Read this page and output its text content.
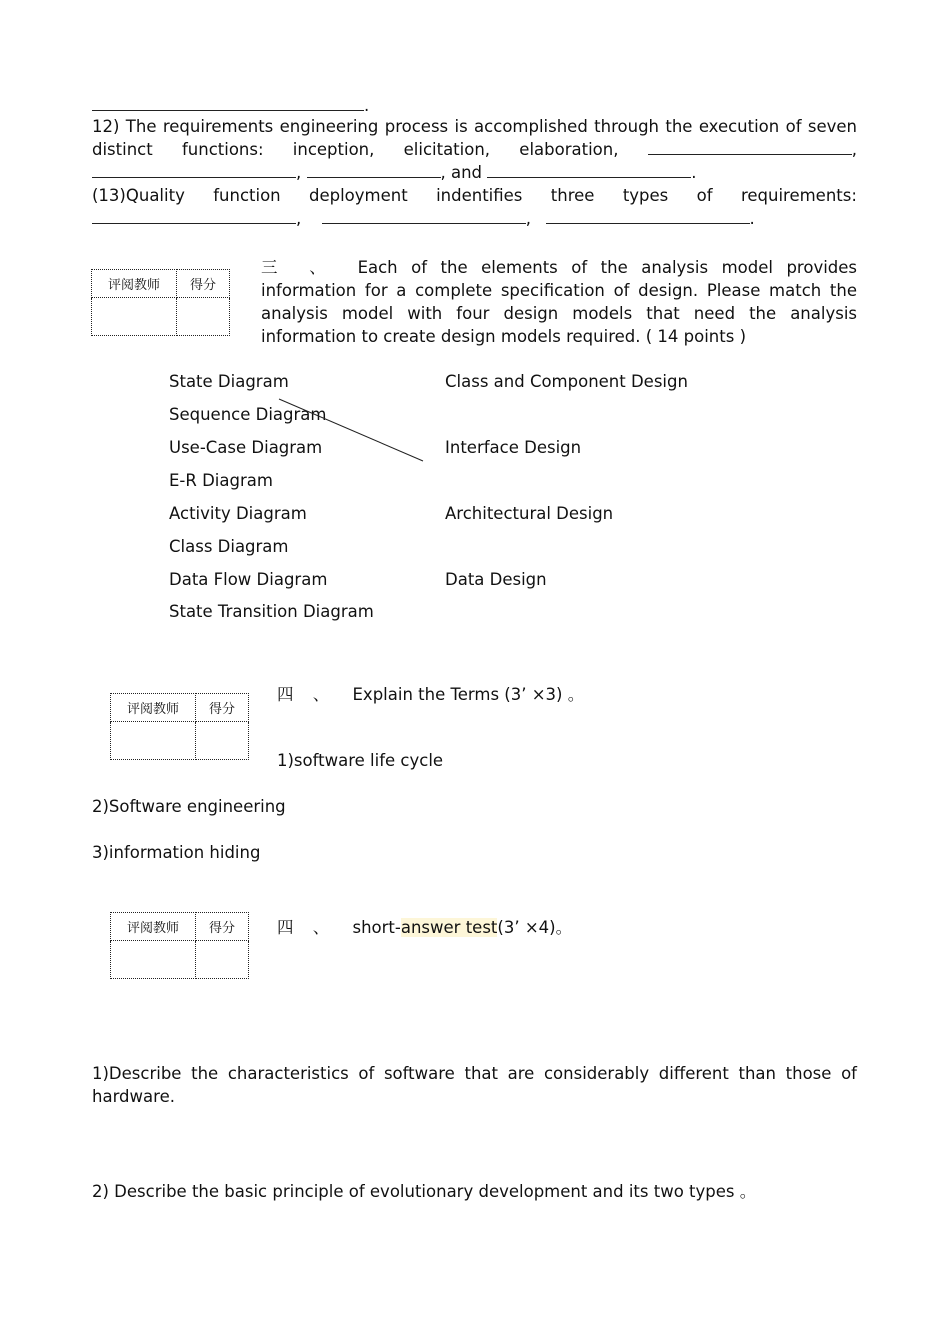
.
12) The requirements engineering process is accomplished through the execution of seven
distinct functions: inception, elicitation, elaboration,	,
,	, and	.
(13)Quality function deployment indentifies three types of requirements:
,	,	.
评阅教师	得分

三 、 Each of the elements of the analysis model provides information for a complete specification of design. Please match the analysis model with four design models that need the analysis information to create design models required. ( 14 points )
State Diagram
Sequence Diagram
Use-Case Diagram
E-R Diagram
Activity Diagram
Class Diagram
Data Flow Diagram
State Transition Diagram
Class and Component Design
Interface Design
Architectural Design
Data Design
评阅教师	得分

四 、 Explain the Terms (3’ ×3) 。
1)software life cycle
2)Software engineering
3)information hiding
评阅教师	得分
		四 、 short-answer test(3’ ×4)。
1)Describe the characteristics of software that are considerably different than those of hardware.
2) Describe the basic principle of evolutionary development and its two types 。
